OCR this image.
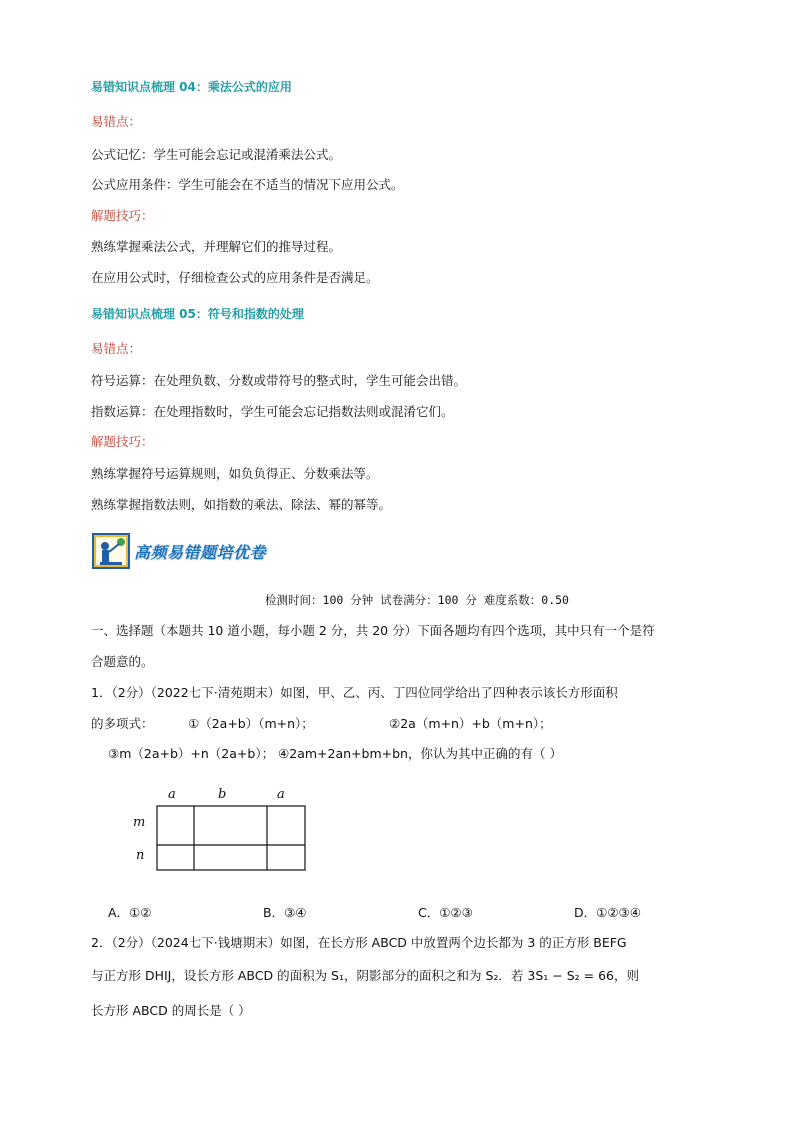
易错知识点梳理 04：乘法公式的应用
易错点：
公式记忆：学生可能会忘记或混淆乘法公式。
公式应用条件：学生可能会在不适当的情况下应用公式。
解题技巧：
熟练掌握乘法公式，并理解它们的推导过程。
在应用公式时，仔细检查公式的应用条件是否满足。
易错知识点梳理 05：符号和指数的处理
易错点：
符号运算：在处理负数、分数或带符号的整式时，学生可能会出错。
指数运算：在处理指数时，学生可能会忘记指数法则或混淆它们。
解题技巧：
熟练掌握符号运算规则，如负负得正、分数乘法等。
熟练掌握指数法则，如指数的乘法、除法、幂的幂等。
高频易错题培优卷
检测时间：100 分钟 试卷满分：100 分 难度系数：0.50
一、选择题（本题共 10 道小题，每小题 2 分，共 20 分）下面各题均有四个选项，其中只有一个是符
合题意的。
1．（2分）（2022七下·清苑期末）如图，甲、乙、丙、丁四位同学给出了四种表示该长方形面积
的多项式：	①（2a+b）（m+n）；	②2a（m+n）+b（m+n）；
③m（2a+b）+n（2a+b）； ④2am+2an+bm+bn，你认为其中正确的有（ ）
a	b	a
m
n
A．①②	B．③④	C．①②③	D．①②③④
2．（2分）（2024七下·钱塘期末）如图，在长方形 ABCD 中放置两个边长都为 3 的正方形 BEFG
与正方形 DHIJ，设长方形 ABCD 的面积为 S₁，阴影部分的面积之和为 S₂．若 3S₁ − S₂ = 66，则
长方形 ABCD 的周长是（ ）
